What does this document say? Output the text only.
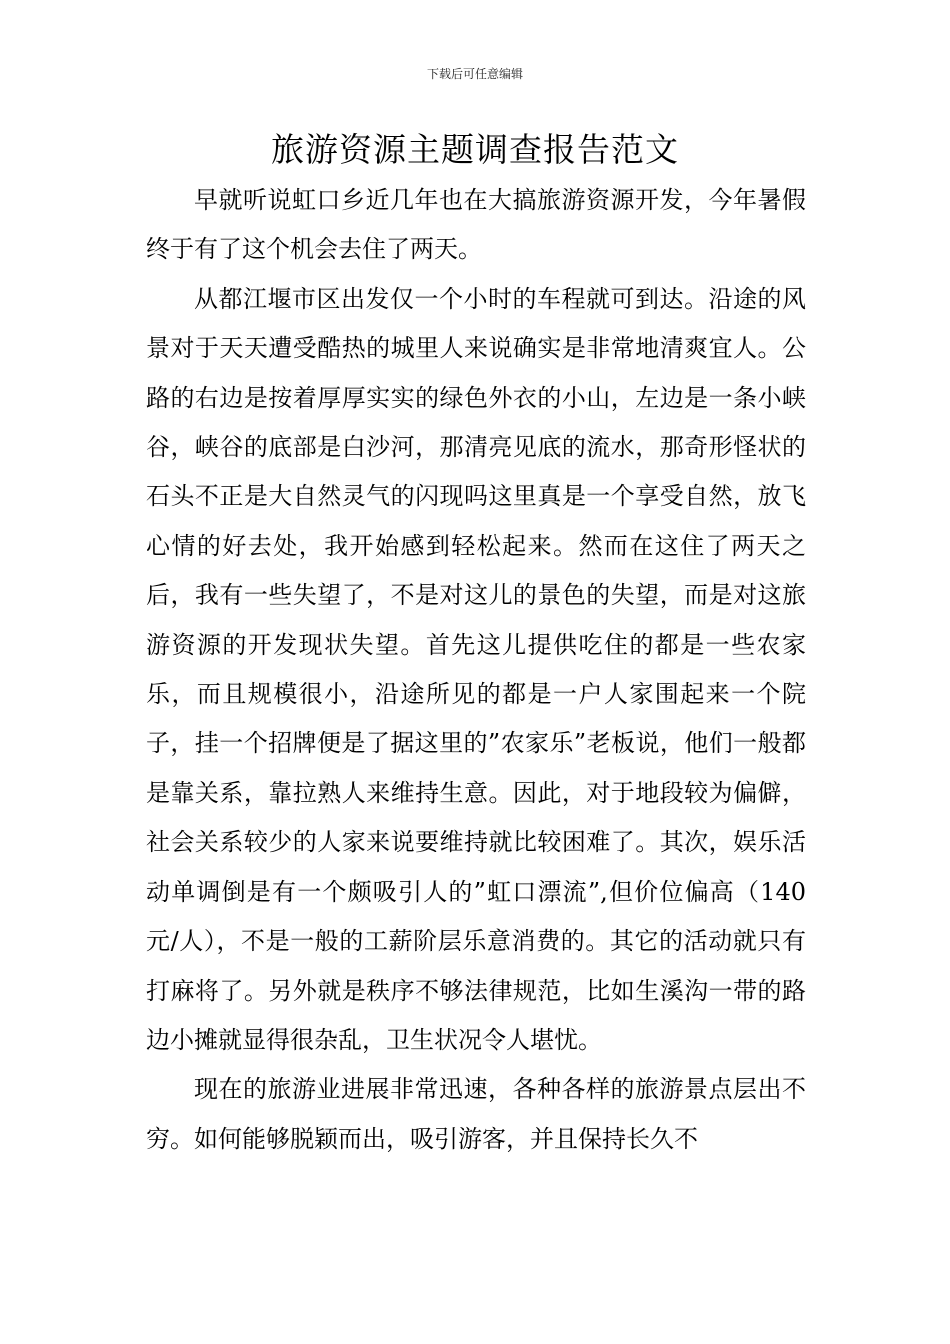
下载后可任意编辑
旅游资源主题调查报告范文

早就听说虹口乡近几年也在大搞旅游资源开发，今年暑假终于有了这个机会去住了两天。

从都江堰市区出发仅一个小时的车程就可到达。沿途的风景对于天天遭受酷热的城里人来说确实是非常地清爽宜人。公路的右边是按着厚厚实实的绿色外衣的小山，左边是一条小峡谷，峡谷的底部是白沙河，那清亮见底的流水，那奇形怪状的石头不正是大自然灵气的闪现吗这里真是一个享受自然，放飞心情的好去处，我开始感到轻松起来。然而在这住了两天之后，我有一些失望了，不是对这儿的景色的失望，而是对这旅游资源的开发现状失望。首先这儿提供吃住的都是一些农家乐，而且规模很小，沿途所见的都是一户人家围起来一个院子，挂一个招牌便是了据这里的”农家乐”老板说，他们一般都是靠关系，靠拉熟人来维持生意。因此，对于地段较为偏僻，社会关系较少的人家来说要维持就比较困难了。其次，娱乐活动单调倒是有一个颇吸引人的”虹口漂流”,但价位偏高（140元/人），不是一般的工薪阶层乐意消费的。其它的活动就只有打麻将了。另外就是秩序不够法律规范，比如生溪沟一带的路边小摊就显得很杂乱，卫生状况令人堪忧。

现在的旅游业进展非常迅速，各种各样的旅游景点层出不穷。如何能够脱颖而出，吸引游客，并且保持长久不
